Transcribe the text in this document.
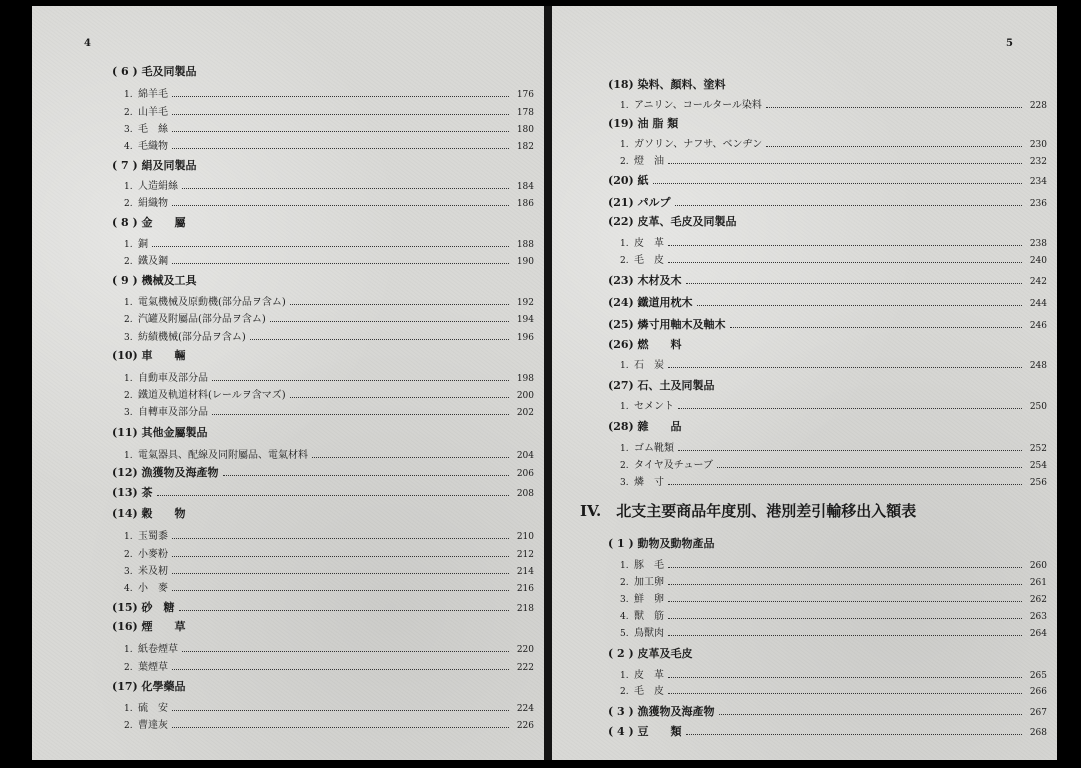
4
( 6 ) 毛及同製品
1. 綿羊毛	176
2. 山羊毛	178
3. 毛　絲	180
4. 毛織物	182
( 7 ) 絹及同製品
1. 人造絹絲	184
2. 絹織物	186
( 8 ) 金　　屬
1. 銅	188
2. 鐵及鋼	190
( 9 ) 機械及工具
1. 電氣機械及原動機(部分品ヲ含ム)	192
2. 汽罐及附屬品(部分品ヲ含ム)	194
3. 紡績機械(部分品ヲ含ム)	196
(10) 車　　輛
1. 自動車及部分品	198
2. 鐵道及軌道材料(レールヲ含マズ)	200
3. 自轉車及部分品	202
(11) 其他金屬製品
1. 電氣器具、配線及同附屬品、電氣材料	204
(12) 漁獲物及海產物	206
(13) 茶	208
(14) 穀　　物
1. 玉蜀黍	210
2. 小麥粉	212
3. 米及籾	214
4. 小　麥	216
(15) 砂　糖	218
(16) 煙　　草
1. 紙卷煙草	220
2. 葉煙草	222
(17) 化學藥品
1. 硫　安	224
2. 曹達灰	226
5
(18) 染料、顏料、塗料
1. アニリン、コールタール染料	228
(19) 油 脂 類
1. ガソリン、ナフサ、ベンヂン	230
2. 燈　油	232
(20) 紙	234
(21) パルプ	236
(22) 皮革、毛皮及同製品
1. 皮　革	238
2. 毛　皮	240
(23) 木材及木	242
(24) 鐵道用枕木	244
(25) 燐寸用軸木及軸木	246
(26) 燃　　料
1. 石　炭	248
(27) 石、土及同製品
1. セメント	250
(28) 雜　　品
1. ゴム靴類	252
2. タイヤ及チューブ	254
3. 燐　寸	256
( 1 ) 動物及動物產品
1. 豚　毛	260
2. 加工卵	261
3. 鮮　卵	262
4. 獸　筋	263
5. 鳥獸肉	264
( 2 ) 皮革及毛皮
1. 皮　革	265
2. 毛　皮	266
( 3 ) 漁獲物及海產物	267
( 4 ) 豆　　類	268
IV.　北支主要商品年度別、港別差引輸移出入額表
